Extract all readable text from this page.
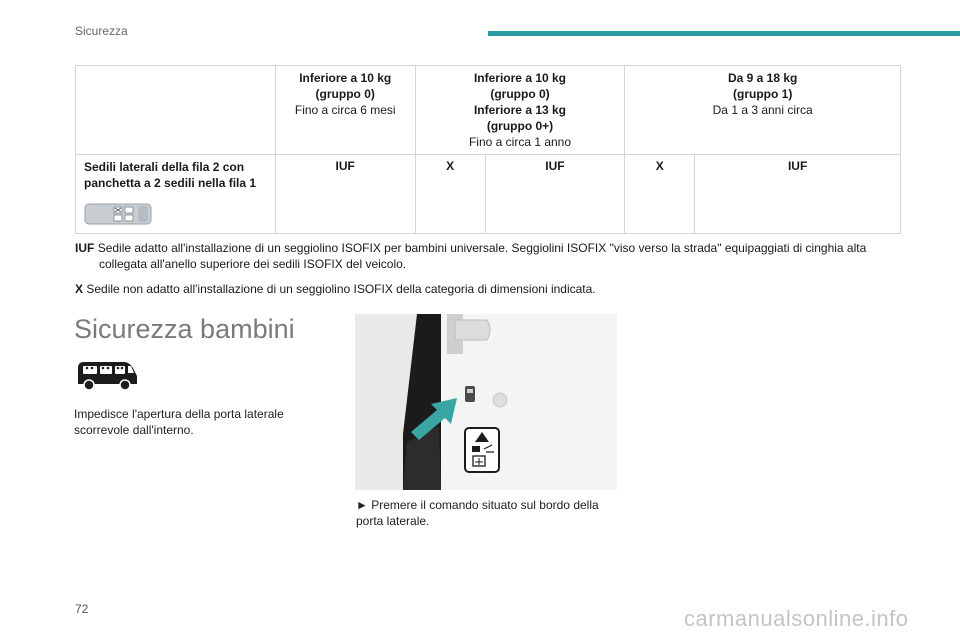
Sicurezza

	Inferiore a 10 kg
(gruppo 0)
Fino a circa 6 mesi	Inferiore a 10 kg
(gruppo 0)
Inferiore a 13 kg
(gruppo 0+)
Fino a circa 1 anno		Da 9 a 18 kg
(gruppo 1)
Da 1 a 3 anni circa	

Sedili laterali della fila 2 con
panchetta a 2 sedili nella fila 1	IUF	X	IUF	X	IUF
IUF Sedile adatto all'installazione di un seggiolino ISOFIX per bambini universale. Seggiolini ISOFIX "viso verso la strada" equipaggiati di cinghia alta
collegata all'anello superiore dei sedili ISOFIX del veicolo.
X Sedile non adatto all'installazione di un seggiolino ISOFIX della categoria di dimensioni indicata.
Sicurezza bambini
Impedisce l'apertura della porta laterale
scorrevole dall'interno.
► Premere il comando situato sul bordo della
porta laterale.
72	carmanualsonline.info
